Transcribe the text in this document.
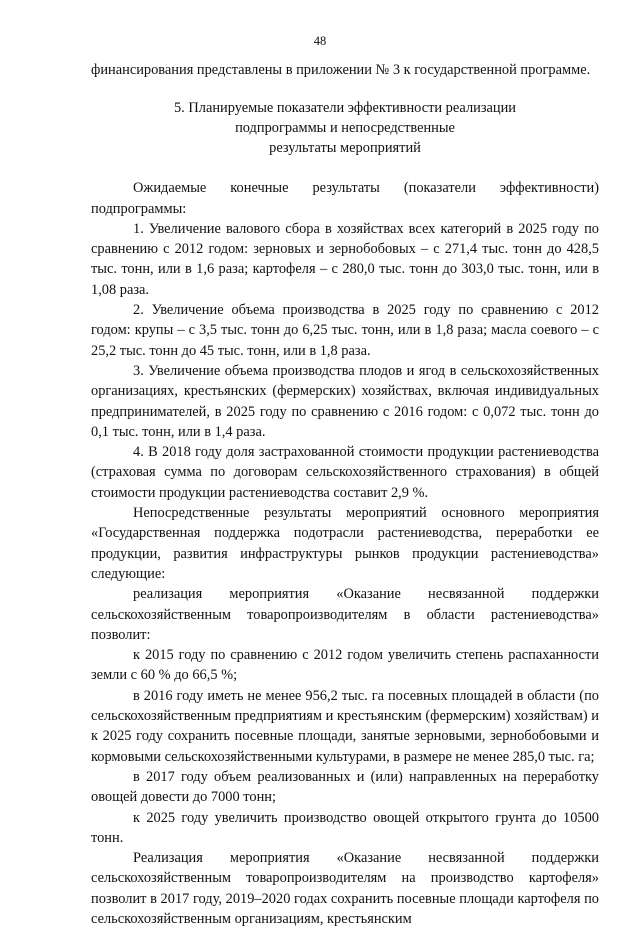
48

финансирования представлены в приложении № 3 к государственной программе.

5. Планируемые показатели эффективности реализации
подпрограммы и непосредственные
результаты мероприятий

Ожидаемые конечные результаты (показатели эффективности) подпрограммы:

1. Увеличение валового сбора в хозяйствах всех категорий в 2025 году по сравнению с 2012 годом: зерновых и зернобобовых – с 271,4 тыс. тонн до 428,5 тыс. тонн, или в 1,6 раза; картофеля – с 280,0 тыс. тонн до 303,0 тыс. тонн, или в 1,08 раза.

2. Увеличение объема производства в 2025 году по сравнению с 2012 годом: крупы – с 3,5 тыс. тонн до 6,25 тыс. тонн, или в 1,8 раза; масла соевого – с 25,2 тыс. тонн до 45 тыс. тонн, или в 1,8 раза.

3. Увеличение объема производства плодов и ягод в сельскохозяйственных организациях, крестьянских (фермерских) хозяйствах, включая индивидуальных предпринимателей, в 2025 году по сравнению с 2016 годом: с 0,072 тыс. тонн до 0,1 тыс. тонн, или в 1,4 раза.

4. В 2018 году доля застрахованной стоимости продукции растениеводства (страховая сумма по договорам сельскохозяйственного страхования) в общей стоимости продукции растениеводства составит 2,9 %.

Непосредственные результаты мероприятий основного мероприятия «Государственная поддержка подотрасли растениеводства, переработки ее продукции, развития инфраструктуры рынков продукции растениеводства» следующие:

реализация мероприятия «Оказание несвязанной поддержки сельскохозяйственным товаропроизводителям в области растениеводства» позволит:

к 2015 году по сравнению с 2012 годом увеличить степень распаханности земли с 60 % до 66,5 %;

в 2016 году иметь не менее 956,2 тыс. га посевных площадей в области (по сельскохозяйственным предприятиям и крестьянским (фермерским) хозяйствам) и к 2025 году сохранить посевные площади, занятые зерновыми, зернобобовыми и кормовыми сельскохозяйственными культурами, в размере не менее 285,0 тыс. га;

в 2017 году объем реализованных и (или) направленных на переработку овощей довести до 7000 тонн;

к 2025 году увеличить производство овощей открытого грунта до 10500 тонн.

Реализация мероприятия «Оказание несвязанной поддержки сельскохозяйственным товаропроизводителям на производство картофеля» позволит в 2017 году, 2019–2020 годах сохранить посевные площади картофеля по сельскохозяйственным организациям, крестьянским
